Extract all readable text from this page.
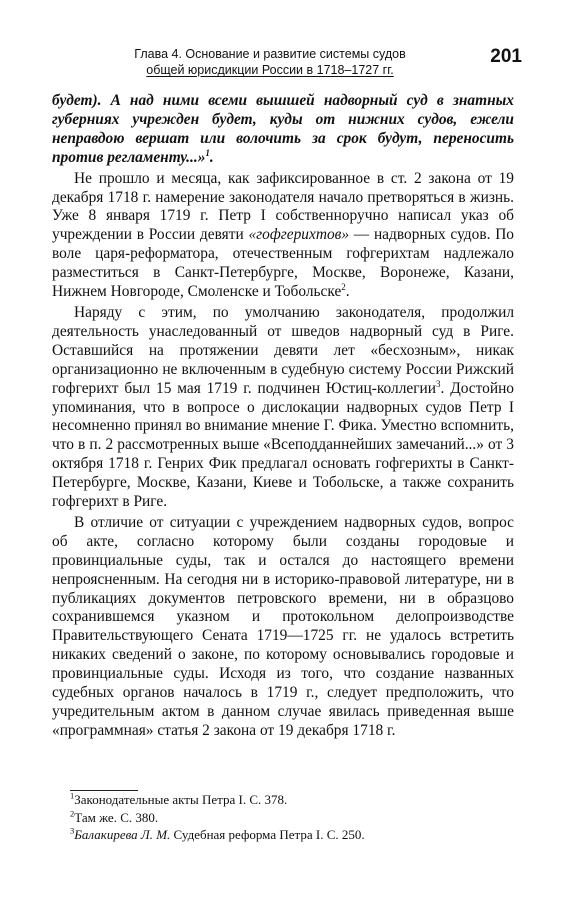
Глава 4. Основание и развитие системы судов
общей юрисдикции России в 1718–1727 гг.
201

будет). А над ними всеми вышшей надворный суд в знатных губерниях учрежден будет, куды от нижних судов, ежели неправдою вершат или волочить за срок будут, переносить против регламенту...»$^1$.

Не прошло и месяца, как зафиксированное в ст. 2 закона от 19 декабря 1718 г. намерение законодателя начало претворяться в жизнь. Уже 8 января 1719 г. Петр I собственноручно написал указ об учреждении в России девяти «гофгерихтов» — надворных судов. По воле царя-реформатора, отечественным гофгерихтам надлежало разместиться в Санкт-Петербурге, Москве, Воронеже, Казани, Нижнем Новгороде, Смоленске и Тобольске$^2$.

Наряду с этим, по умолчанию законодателя, продолжил деятельность унаследованный от шведов надворный суд в Риге. Оставшийся на протяжении девяти лет «бесхозным», никак организационно не включенным в судебную систему России Рижский гофгерихт был 15 мая 1719 г. подчинен Юстиц-коллегии$^3$. Достойно упоминания, что в вопросе о дислокации надворных судов Петр I несомненно принял во внимание мнение Г. Фика. Уместно вспомнить, что в п. 2 рассмотренных выше «Всеподданнейших замечаний...» от 3 октября 1718 г. Генрих Фик предлагал основать гофгерихты в Санкт-Петербурге, Москве, Казани, Киеве и Тобольске, а также сохранить гофгерихт в Риге.

В отличие от ситуации с учреждением надворных судов, вопрос об акте, согласно которому были созданы городовые и провинциальные суды, так и остался до настоящего времени непроясненным. На сегодня ни в историко-правовой литературе, ни в публикациях документов петровского времени, ни в образцово сохранившемся указном и протокольном делопроизводстве Правительствующего Сената 1719—1725 гг. не удалось встретить никаких сведений о законе, по которому основывались городовые и провинциальные суды. Исходя из того, что создание названных судебных органов началось в 1719 г., следует предположить, что учредительным актом в данном случае явилась приведенная выше «программная» статья 2 закона от 19 декабря 1718 г.

$^1$Законодательные акты Петра I. С. 378.
$^2$Там же. С. 380.
$^3$Балакирева Л. М. Судебная реформа Петра I. С. 250.
